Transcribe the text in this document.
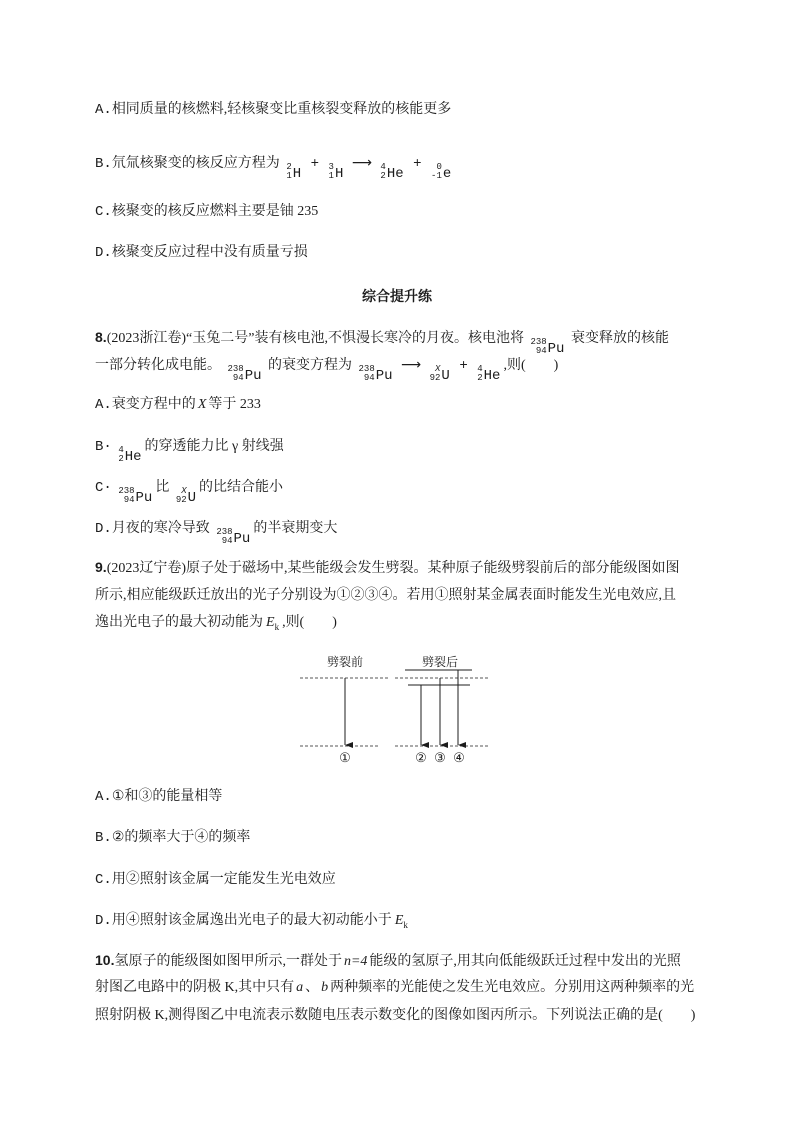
A.相同质量的核燃料,轻核聚变比重核裂变释放的核能更多
B.氘氚核聚变的核反应方程为 2
1 H
+ 3
1 H
⟶ 4
2 He
+ 0
-1 e
C.核聚变的核反应燃料主要是铀 235
D.核聚变反应过程中没有质量亏损
综合提升练
8.(2023浙江卷)“玉兔二号”装有核电池,不惧漫长寒冷的月夜。核电池将 238
94 Pu
衰变释放的核能
一部分转化成电能。 238
94 Pu
的衰变方程为 238
94 Pu
⟶ X
92 U
+ 4
2 He
,则(　　)
A.衰变方程中的 X 等于 233
B· 4
2 He
的穿透能力比 γ 射线强
C· 238
94 Pu
比 X
92 U
的比结合能小
D.月夜的寒冷导致 238
94 Pu
的半衰期变大
9.(2023辽宁卷)原子处于磁场中,某些能级会发生劈裂。某种原子能级劈裂前后的部分能级图如图
所示,相应能级跃迁放出的光子分别设为①②③④。若用①照射某金属表面时能发生光电效应,且
逸出光电子的最大初动能为 $E_k$ ,则(　　)
劈裂前	劈裂后
①	② ③ ④
A.①和③的能量相等
B.②的频率大于④的频率
C.用②照射该金属一定能发生光电效应
D.用④照射该金属逸出光电子的最大初动能小于 $E_k$
10.氢原子的能级图如图甲所示,一群处于 n=4 能级的氢原子,用其向低能级跃迁过程中发出的光照
射图乙电路中的阴极 K,其中只有 a 、 b 两种频率的光能使之发生光电效应。分别用这两种频率的光
照射阴极 K,测得图乙中电流表示数随电压表示数变化的图像如图丙所示。下列说法正确的是(　　)
